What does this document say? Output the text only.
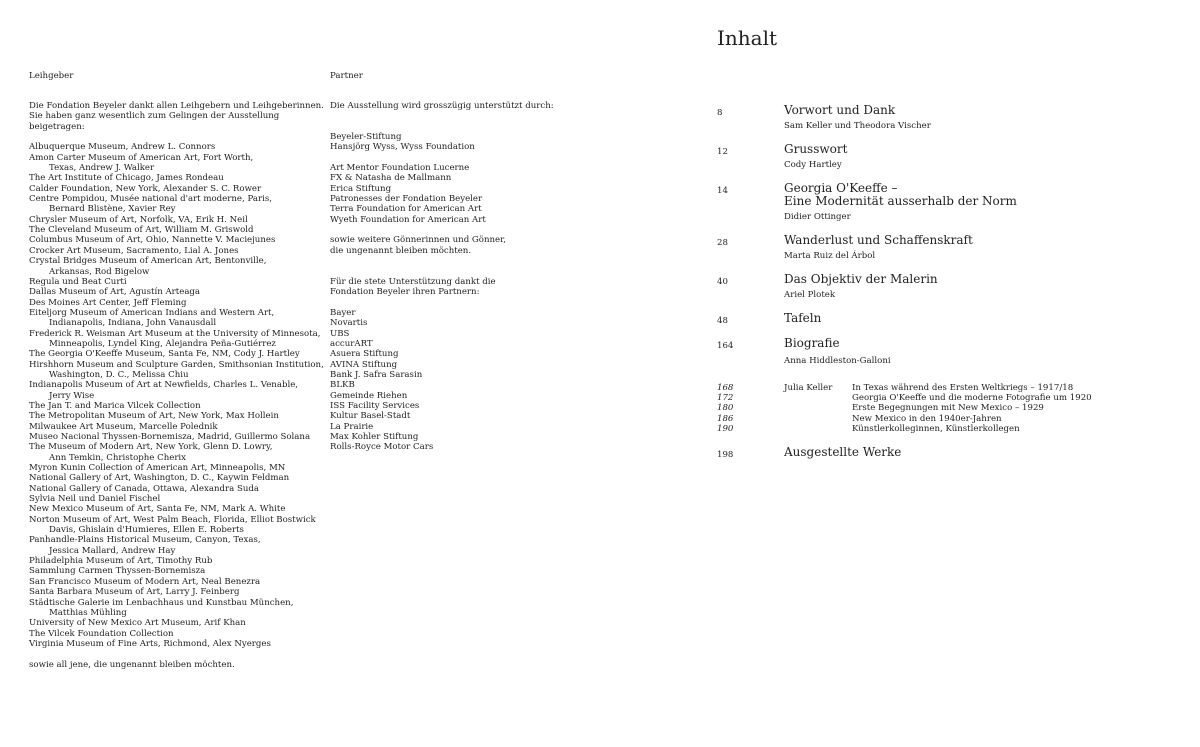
Leihgeber
Die Fondation Beyeler dankt allen Leihgebern und Leihgeberinnen.
Sie haben ganz wesentlich zum Gelingen der Ausstellung
beigetragen:
Albuquerque Museum, Andrew L. Connors
Amon Carter Museum of American Art, Fort Worth,
Texas, Andrew J. Walker
The Art Institute of Chicago, James Rondeau
Calder Foundation, New York, Alexander S. C. Rower
Centre Pompidou, Musée national d'art moderne, Paris,
Bernard Blistène, Xavier Rey
Chrysler Museum of Art, Norfolk, VA, Erik H. Neil
The Cleveland Museum of Art, William M. Griswold
Columbus Museum of Art, Ohio, Nannette V. Maciejunes
Crocker Art Museum, Sacramento, Lial A. Jones
Crystal Bridges Museum of American Art, Bentonville,
Arkansas, Rod Bigelow
Regula und Beat Curti
Dallas Museum of Art, Agustín Arteaga
Des Moines Art Center, Jeff Fleming
Eiteljorg Museum of American Indians and Western Art,
Indianapolis, Indiana, John Vanausdall
Frederick R. Weisman Art Museum at the University of Minnesota,
Minneapolis, Lyndel King, Alejandra Peña-Gutiérrez
The Georgia O'Keeffe Museum, Santa Fe, NM, Cody J. Hartley
Hirshhorn Museum and Sculpture Garden, Smithsonian Institution,
Washington, D. C., Melissa Chiu
Indianapolis Museum of Art at Newfields, Charles L. Venable,
Jerry Wise
The Jan T. and Marica Vilcek Collection
The Metropolitan Museum of Art, New York, Max Hollein
Milwaukee Art Museum, Marcelle Polednik
Museo Nacional Thyssen-Bornemisza, Madrid, Guillermo Solana
The Museum of Modern Art, New York, Glenn D. Lowry,
Ann Temkin, Christophe Cherix
Myron Kunin Collection of American Art, Minneapolis, MN
National Gallery of Art, Washington, D. C., Kaywin Feldman
National Gallery of Canada, Ottawa, Alexandra Suda
Sylvia Neil und Daniel Fischel
New Mexico Museum of Art, Santa Fe, NM, Mark A. White
Norton Museum of Art, West Palm Beach, Florida, Elliot Bostwick
Davis, Ghislain d'Humieres, Ellen E. Roberts
Panhandle-Plains Historical Museum, Canyon, Texas,
Jessica Mallard, Andrew Hay
Philadelphia Museum of Art, Timothy Rub
Sammlung Carmen Thyssen-Bornemisza
San Francisco Museum of Modern Art, Neal Benezra
Santa Barbara Museum of Art, Larry J. Feinberg
Städtische Galerie im Lenbachhaus und Kunstbau München,
Matthias Mühling
University of New Mexico Art Museum, Arif Khan
The Vilcek Foundation Collection
Virginia Museum of Fine Arts, Richmond, Alex Nyerges
sowie all jene, die ungenannt bleiben möchten.
Partner
Die Ausstellung wird grosszügig unterstützt durch:
Beyeler-Stiftung
Hansjörg Wyss, Wyss Foundation
Art Mentor Foundation Lucerne
FX & Natasha de Mallmann
Erica Stiftung
Patronesses der Fondation Beyeler
Terra Foundation for American Art
Wyeth Foundation for American Art
sowie weitere Gönnerinnen und Gönner,
die ungenannt bleiben möchten.
Für die stete Unterstützung dankt die
Fondation Beyeler ihren Partnern:
Bayer
Novartis
UBS
accurART
Asuera Stiftung
AVINA Stiftung
Bank J. Safra Sarasin
BLKB
Gemeinde Riehen
ISS Facility Services
Kultur Basel-Stadt
La Prairie
Max Kohler Stiftung
Rolls-Royce Motor Cars
Inhalt
8	Vorwort und Dank
Sam Keller und Theodora Vischer
12	Grusswort
Cody Hartley
14	Georgia O'Keeffe –
Eine Modernität ausserhalb der Norm
Didier Ottinger
28	Wanderlust und Schaffenskraft
Marta Ruiz del Árbol
40	Das Objektiv der Malerin
Ariel Plotek
48	Tafeln
164	Biografie
Anna Hiddleston-Galloni
Julia Keller
168	In Texas während des Ersten Weltkriegs – 1917/18
172	Georgia O'Keeffe und die moderne Fotografie um 1920
180	Erste Begegnungen mit New Mexico – 1929
186	New Mexico in den 1940er-Jahren
190	Künstlerkolleginnen, Künstlerkollegen
198	Ausgestellte Werke
